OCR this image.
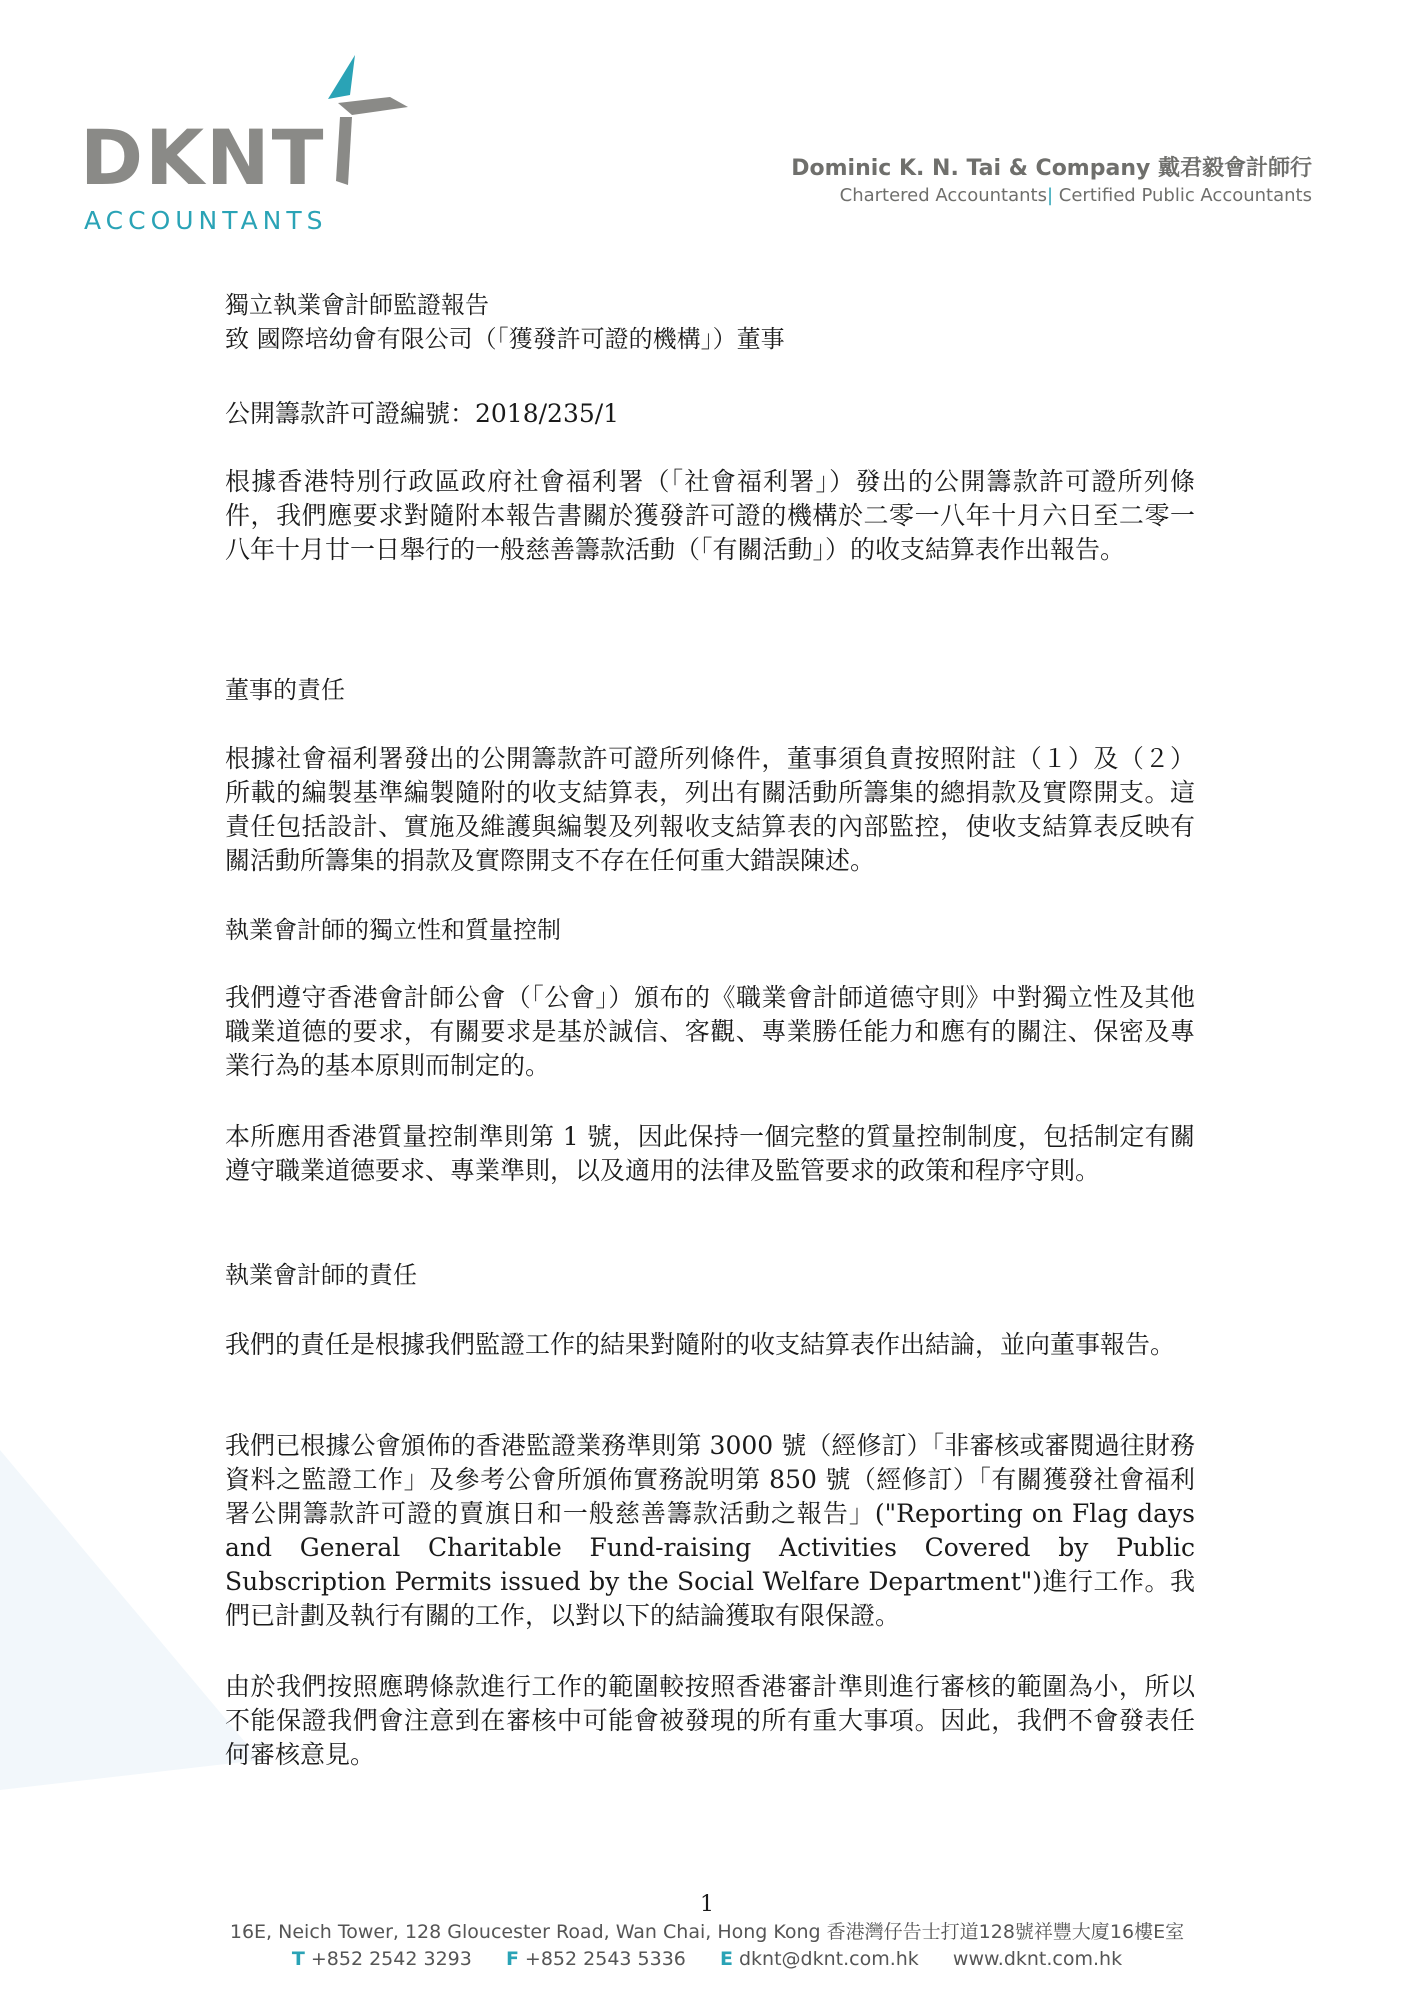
DKNT
ACCOUNTANTS
Dominic K. N. Tai & Company 戴君毅會計師行
Chartered Accountants| Certified Public Accountants
獨立執業會計師監證報告
致 國際培幼會有限公司（「獲發許可證的機構」）董事
公開籌款許可證編號：2018/235/1
根據香港特別行政區政府社會福利署（「社會福利署」）發出的公開籌款許可證所列條件，我們應要求對隨附本報告書關於獲發許可證的機構於二零一八年十月六日至二零一八年十月廿一日舉行的一般慈善籌款活動（「有關活動」）的收支結算表作出報告。
董事的責任
根據社會福利署發出的公開籌款許可證所列條件，董事須負責按照附註（１）及（２）所載的編製基準編製隨附的收支結算表，列出有關活動所籌集的總捐款及實際開支。這責任包括設計、實施及維護與編製及列報收支結算表的內部監控，使收支結算表反映有關活動所籌集的捐款及實際開支不存在任何重大錯誤陳述。
執業會計師的獨立性和質量控制
我們遵守香港會計師公會（「公會」）頒布的《職業會計師道德守則》中對獨立性及其他職業道德的要求，有關要求是基於誠信、客觀、專業勝任能力和應有的關注、保密及專業行為的基本原則而制定的。
本所應用香港質量控制準則第 1 號，因此保持一個完整的質量控制制度，包括制定有關遵守職業道德要求、專業準則，以及適用的法律及監管要求的政策和程序守則。
執業會計師的責任
我們的責任是根據我們監證工作的結果對隨附的收支結算表作出結論，並向董事報告。
我們已根據公會頒佈的香港監證業務準則第 3000 號（經修訂）「非審核或審閱過往財務資料之監證工作」及參考公會所頒佈實務說明第 850 號（經修訂）「有關獲發社會福利署公開籌款許可證的賣旗日和一般慈善籌款活動之報告」("Reporting on Flag days and General Charitable Fund-raising Activities Covered by Public Subscription Permits issued by the Social Welfare Department")進行工作。我們已計劃及執行有關的工作，以對以下的結論獲取有限保證。
由於我們按照應聘條款進行工作的範圍較按照香港審計準則進行審核的範圍為小，所以不能保證我們會注意到在審核中可能會被發現的所有重大事項。因此，我們不會發表任何審核意見。
1
16E, Neich Tower, 128 Gloucester Road, Wan Chai, Hong Kong 香港灣仔告士打道128號祥豐大廈16樓E室
T +852 2542 3293 F +852 2543 5336 E dknt@dknt.com.hk www.dknt.com.hk
